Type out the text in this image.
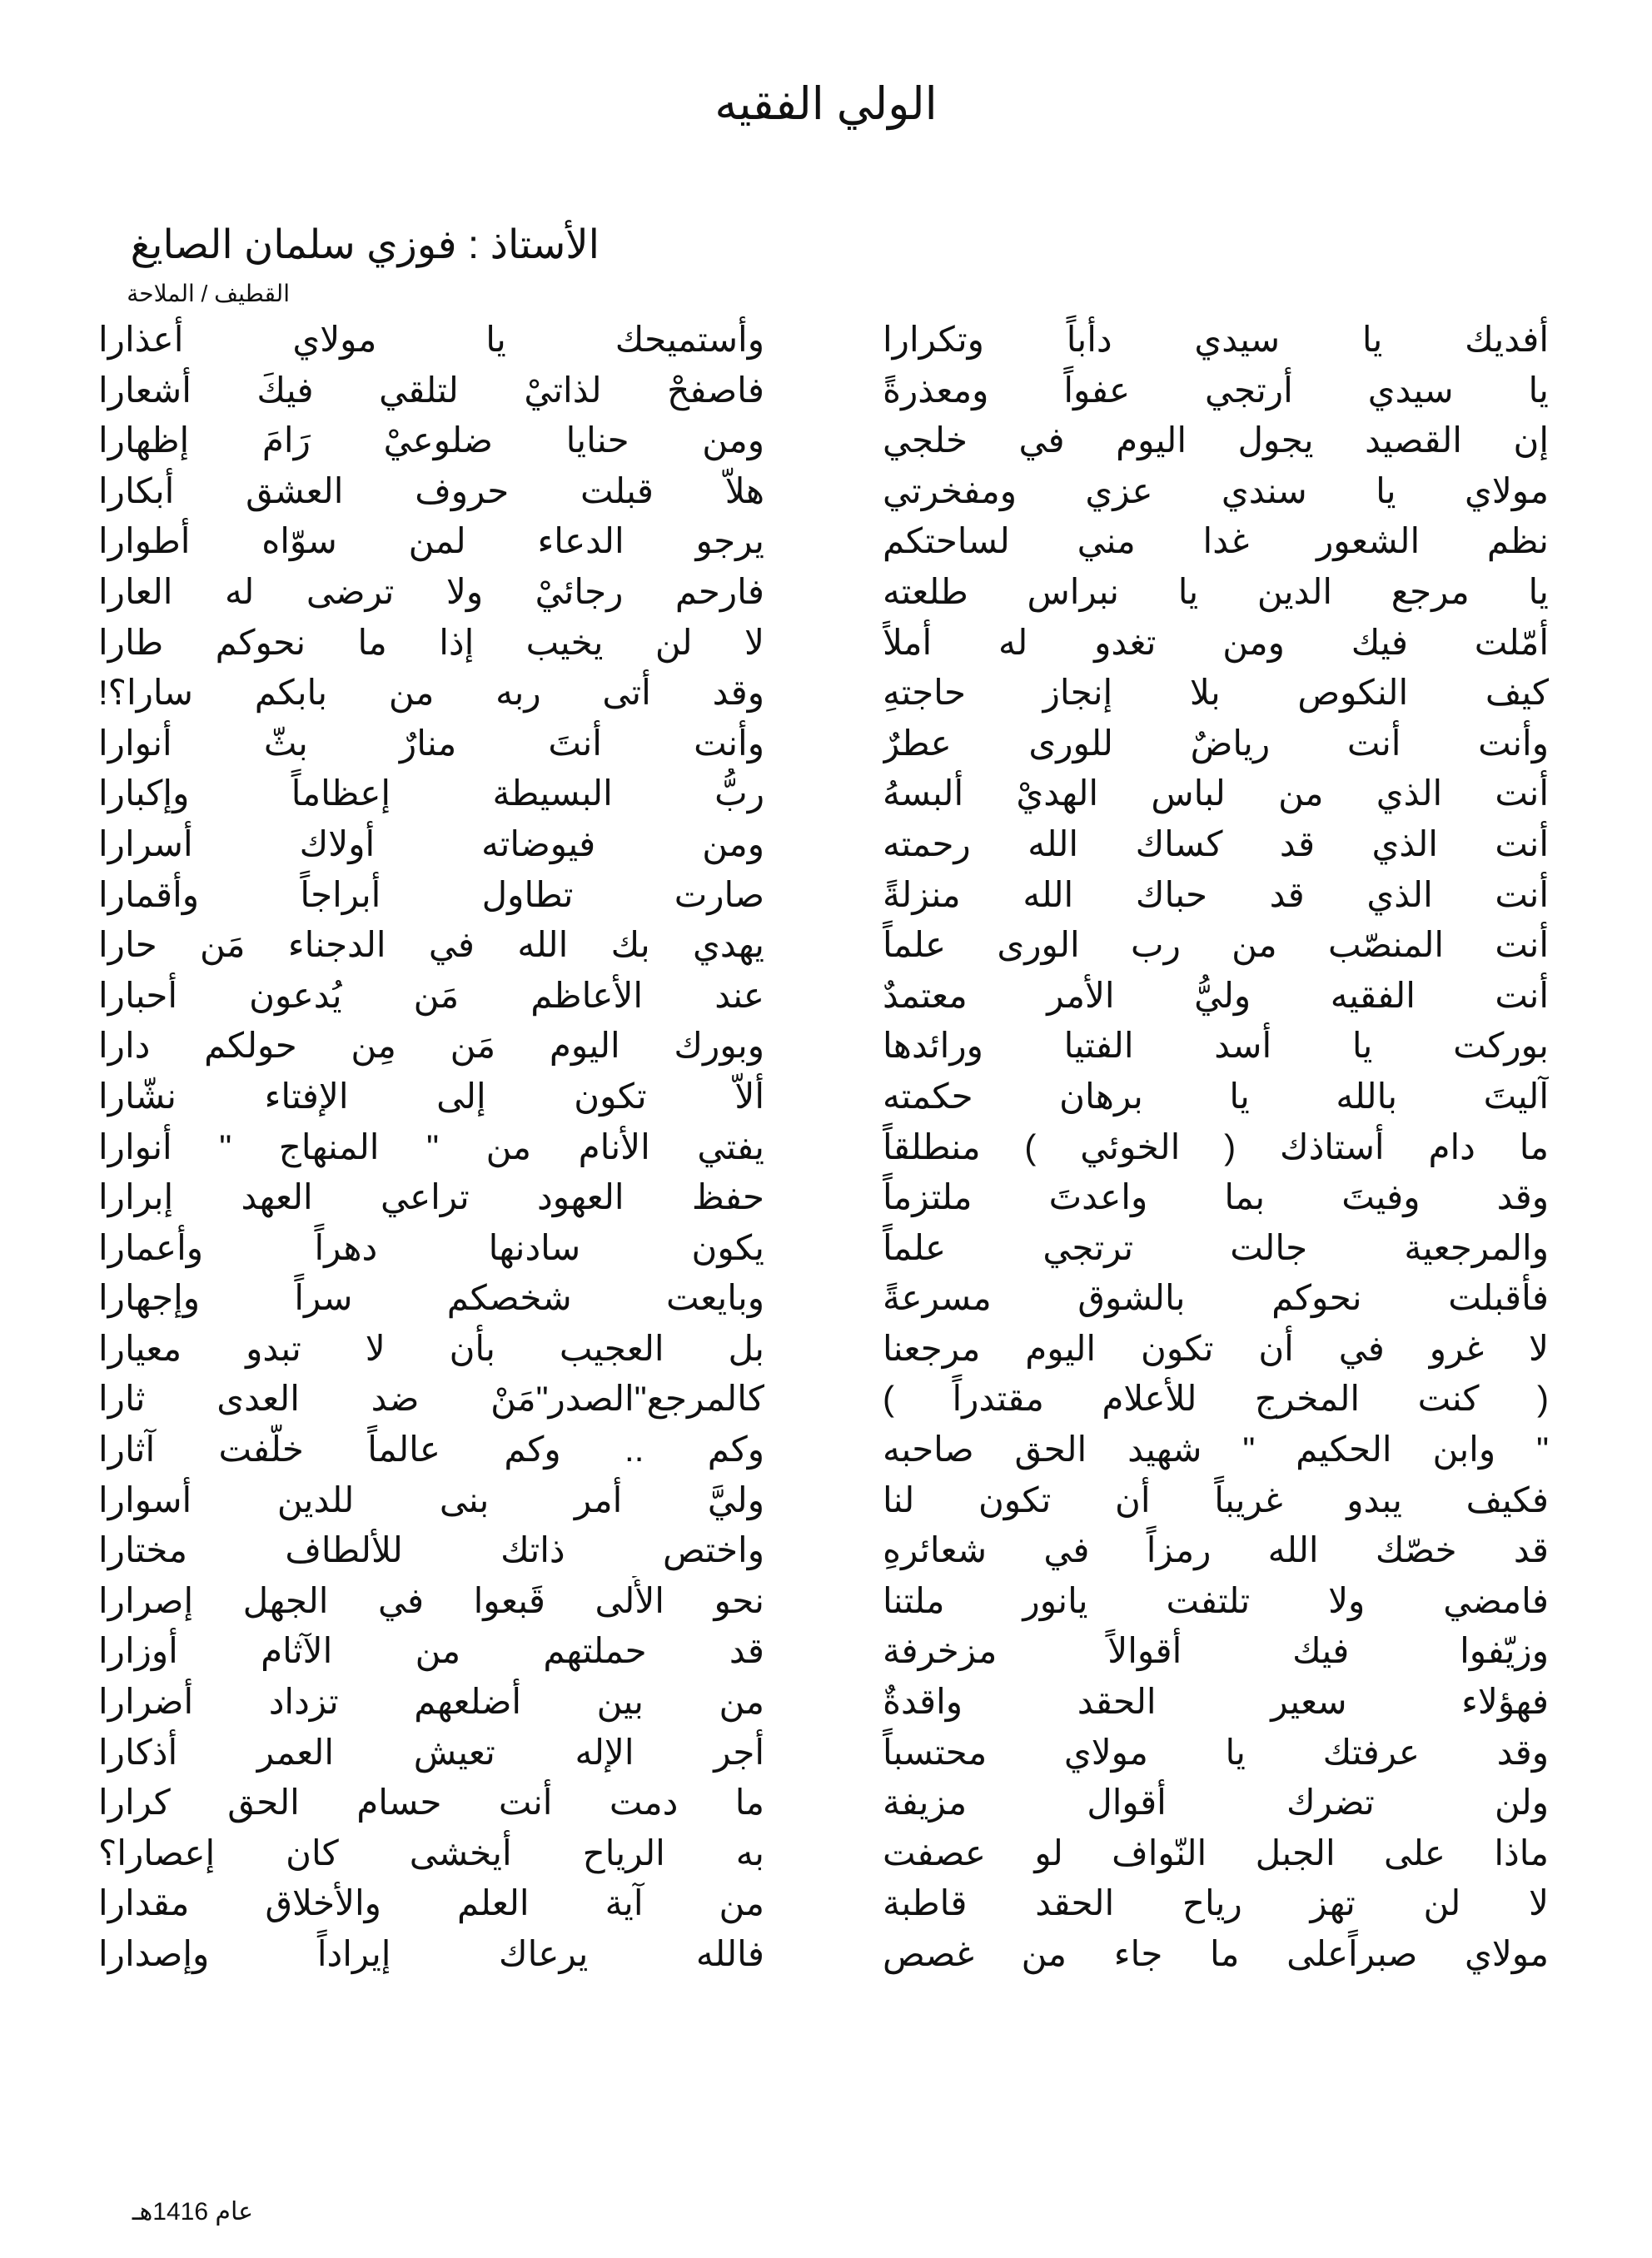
الولي الفقيه
الأستاذ : فوزي سلمان الصايغ
القطيف / الملاحة
أفديك يا سيدي دأباً وتكرارا
يا سيدي أرتجي عفواً ومعذرةً
إن القصيد يجول اليوم في خلجي
مولاي يا سندي عزي ومفخرتي
نظم الشعور غدا مني لساحتكم
يا مرجع الدين يا نبراس طلعته
أمّلت فيك ومن تغدو له أملاً
كيف النكوص بلا إنجاز حاجتهِ
وأنت أنت رياضٌ للورى عطرٌ
أنت الذي من لباس الهديْ ألبسهُ
أنت الذي قد كساك الله رحمته
أنت الذي قد حباك الله منزلةً
أنت المنصّب من رب الورى علماً
أنت الفقيه وليُّ الأمر معتمدٌ
بوركت يا أسد الفتيا ورائدها
آليتَ بالله يا برهان حكمته
ما دام أستاذك ( الخوئي ) منطلقاً
وقد وفيتَ بما واعدتَ ملتزماً
والمرجعية جالت ترتجي علماً
فأقبلت نحوكم بالشوق مسرعةً
لا غرو في أن تكون اليوم مرجعنا
( كنت المخرج للأعلام مقتدراً )
" وابن الحكيم " شهيد الحق صاحبه
فكيف يبدو غريباً أن تكون لنا
قد خصّك الله رمزاً في شعائرهِ
فامضي ولا تلتفت يانور ملتنا
وزيّفوا فيك أقوالاً مزخرفة
فهؤلاء سعير الحقد واقدةٌ
وقد عرفتك يا مولاي محتسباً
ولن تضرك أقوال مزيفة
ماذا على الجبل النّواف لو عصفت
لا لن تهز رياح الحقد قاطبة
مولاي صبراًعلى ما جاء من غصص
وأستميحك يا مولاي أعذارا
فاصفحْ لذاتيْ لتلقي فيكَ أشعارا
ومن حنايا ضلوعيْ رَامَ إظهارا
هلاّ قبلت حروف العشق أبكارا
يرجو الدعاء لمن سوّاه أطوارا
فارحم رجائيْ ولا ترضى له العارا
لا لن يخيب إذا ما نحوكم طارا
وقد أتى ربه من بابكم سارا؟!
وأنت أنتَ منارٌ بثّ أنوارا
ربُّ البسيطة إعظاماً وإكبارا
ومن فيوضاته أولاك أسرارا
صارت تطاول أبراجاً وأقمارا
يهدي بك الله في الدجناء مَن حارا
عند الأعاظم مَن يُدعون أحبارا
وبورك اليوم مَن مِن حولكم دارا
ألاّ تكون إلى الإفتاء نشّارا
يفتي الأنام من " المنهاج " أنوارا
حفظ العهود تراعي العهد إبرارا
يكون سادنها دهراً وأعمارا
وبايعت شخصكم سراً وإجهارا
بل العجيب بأن لا تبدو معيارا
كالمرجع"الصدر"مَنْ ضد العدى ثارا
وكم .. وكم عالماً خلّفت آثارا
وليَّ أمر بنى للدين أسوارا
واختص ذاتك للألطاف مختارا
نحو الأُلى قَبعوا في الجهل إصرارا
قد حملتهم من الآثام أوزارا
من بين أضلعهم تزداد أضرارا
أجر الإله تعيش العمر أذكارا
ما دمت أنت حسام الحق كرارا
به الرياح أيخشى كان إعصارا؟
من آية العلم والأخلاق مقدارا
فالله يرعاك إيراداً وإصدارا
عام 1416هـ
